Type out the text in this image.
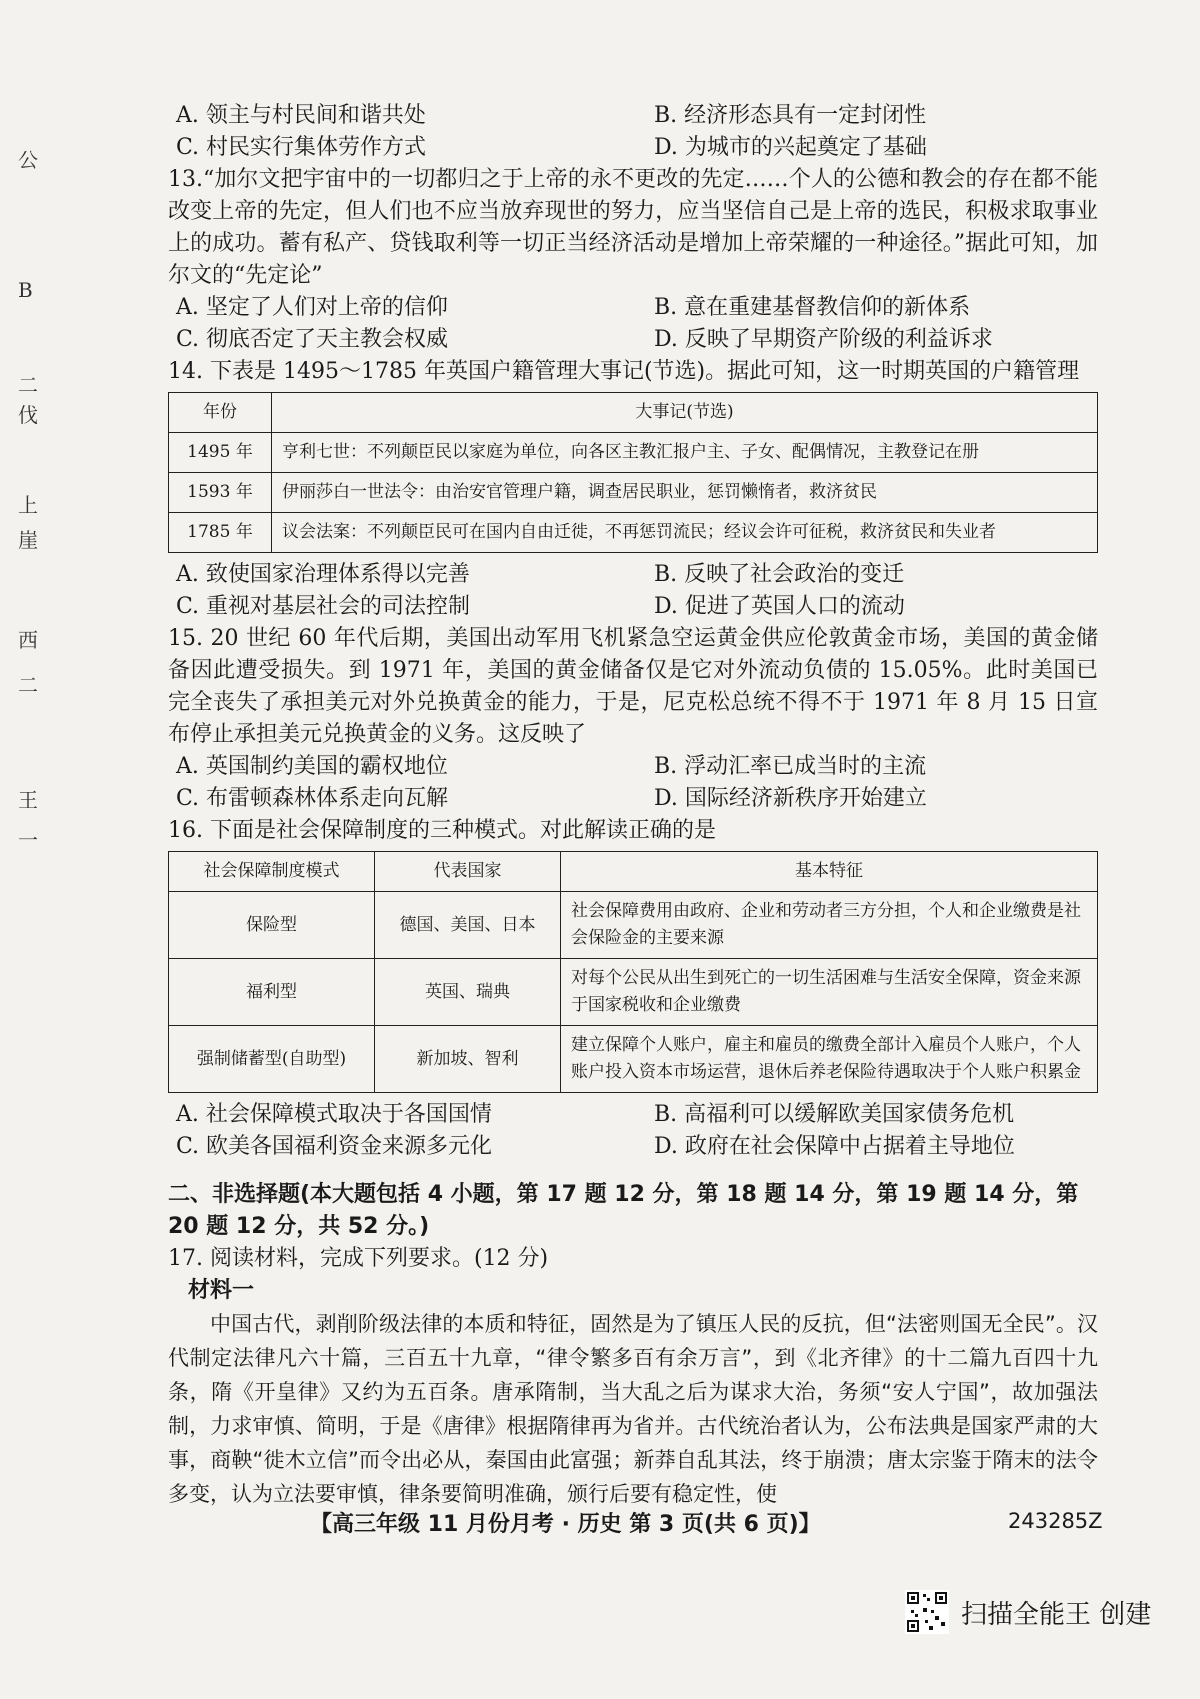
公
B
二
伐
上
崖
西
二
王
一
A. 领主与村民间和谐共处	B. 经济形态具有一定封闭性
C. 村民实行集体劳作方式	D. 为城市的兴起奠定了基础
13.“加尔文把宇宙中的一切都归之于上帝的永不更改的先定……个人的公德和教会的存在都不能改变上帝的先定，但人们也不应当放弃现世的努力，应当坚信自己是上帝的选民，积极求取事业上的成功。蓄有私产、贷钱取利等一切正当经济活动是增加上帝荣耀的一种途径。”据此可知，加尔文的“先定论”
A. 坚定了人们对上帝的信仰	B. 意在重建基督教信仰的新体系
C. 彻底否定了天主教会权威	D. 反映了早期资产阶级的利益诉求
14. 下表是 1495～1785 年英国户籍管理大事记(节选)。据此可知，这一时期英国的户籍管理
年份	大事记(节选)
1495 年	亨利七世：不列颠臣民以家庭为单位，向各区主教汇报户主、子女、配偶情况，主教登记在册
1593 年	伊丽莎白一世法令：由治安官管理户籍，调查居民职业，惩罚懒惰者，救济贫民
1785 年	议会法案：不列颠臣民可在国内自由迁徙，不再惩罚流民；经议会许可征税，救济贫民和失业者
A. 致使国家治理体系得以完善	B. 反映了社会政治的变迁
C. 重视对基层社会的司法控制	D. 促进了英国人口的流动
15. 20 世纪 60 年代后期，美国出动军用飞机紧急空运黄金供应伦敦黄金市场，美国的黄金储备因此遭受损失。到 1971 年，美国的黄金储备仅是它对外流动负债的 15.05%。此时美国已完全丧失了承担美元对外兑换黄金的能力，于是，尼克松总统不得不于 1971 年 8 月 15 日宣布停止承担美元兑换黄金的义务。这反映了
A. 英国制约美国的霸权地位	B. 浮动汇率已成当时的主流
C. 布雷顿森林体系走向瓦解	D. 国际经济新秩序开始建立
16. 下面是社会保障制度的三种模式。对此解读正确的是
社会保障制度模式	代表国家	基本特征
保险型	德国、美国、日本	社会保障费用由政府、企业和劳动者三方分担，个人和企业缴费是社会保险金的主要来源
福利型	英国、瑞典	对每个公民从出生到死亡的一切生活困难与生活安全保障，资金来源于国家税收和企业缴费
强制储蓄型(自助型)	新加坡、智利	建立保障个人账户，雇主和雇员的缴费全部计入雇员个人账户，个人账户投入资本市场运营，退休后养老保险待遇取决于个人账户积累金
A. 社会保障模式取决于各国国情	B. 高福利可以缓解欧美国家债务危机
C. 欧美各国福利资金来源多元化	D. 政府在社会保障中占据着主导地位
二、非选择题(本大题包括 4 小题，第 17 题 12 分，第 18 题 14 分，第 19 题 14 分，第 20 题 12 分，共 52 分。)
17. 阅读材料，完成下列要求。(12 分)
材料一
中国古代，剥削阶级法律的本质和特征，固然是为了镇压人民的反抗，但“法密则国无全民”。汉代制定法律凡六十篇，三百五十九章，“律令繁多百有余万言”，到《北齐律》的十二篇九百四十九条，隋《开皇律》又约为五百条。唐承隋制，当大乱之后为谋求大治，务须“安人宁国”，故加强法制，力求审慎、简明，于是《唐律》根据隋律再为省并。古代统治者认为，公布法典是国家严肃的大事，商鞅“徙木立信”而令出必从，秦国由此富强；新莽自乱其法，终于崩溃；唐太宗鉴于隋末的法令多变，认为立法要审慎，律条要简明准确，颁行后要有稳定性，使
【高三年级 11 月份月考 · 历史 第 3 页(共 6 页)】	243285Z
扫描全能王 创建
